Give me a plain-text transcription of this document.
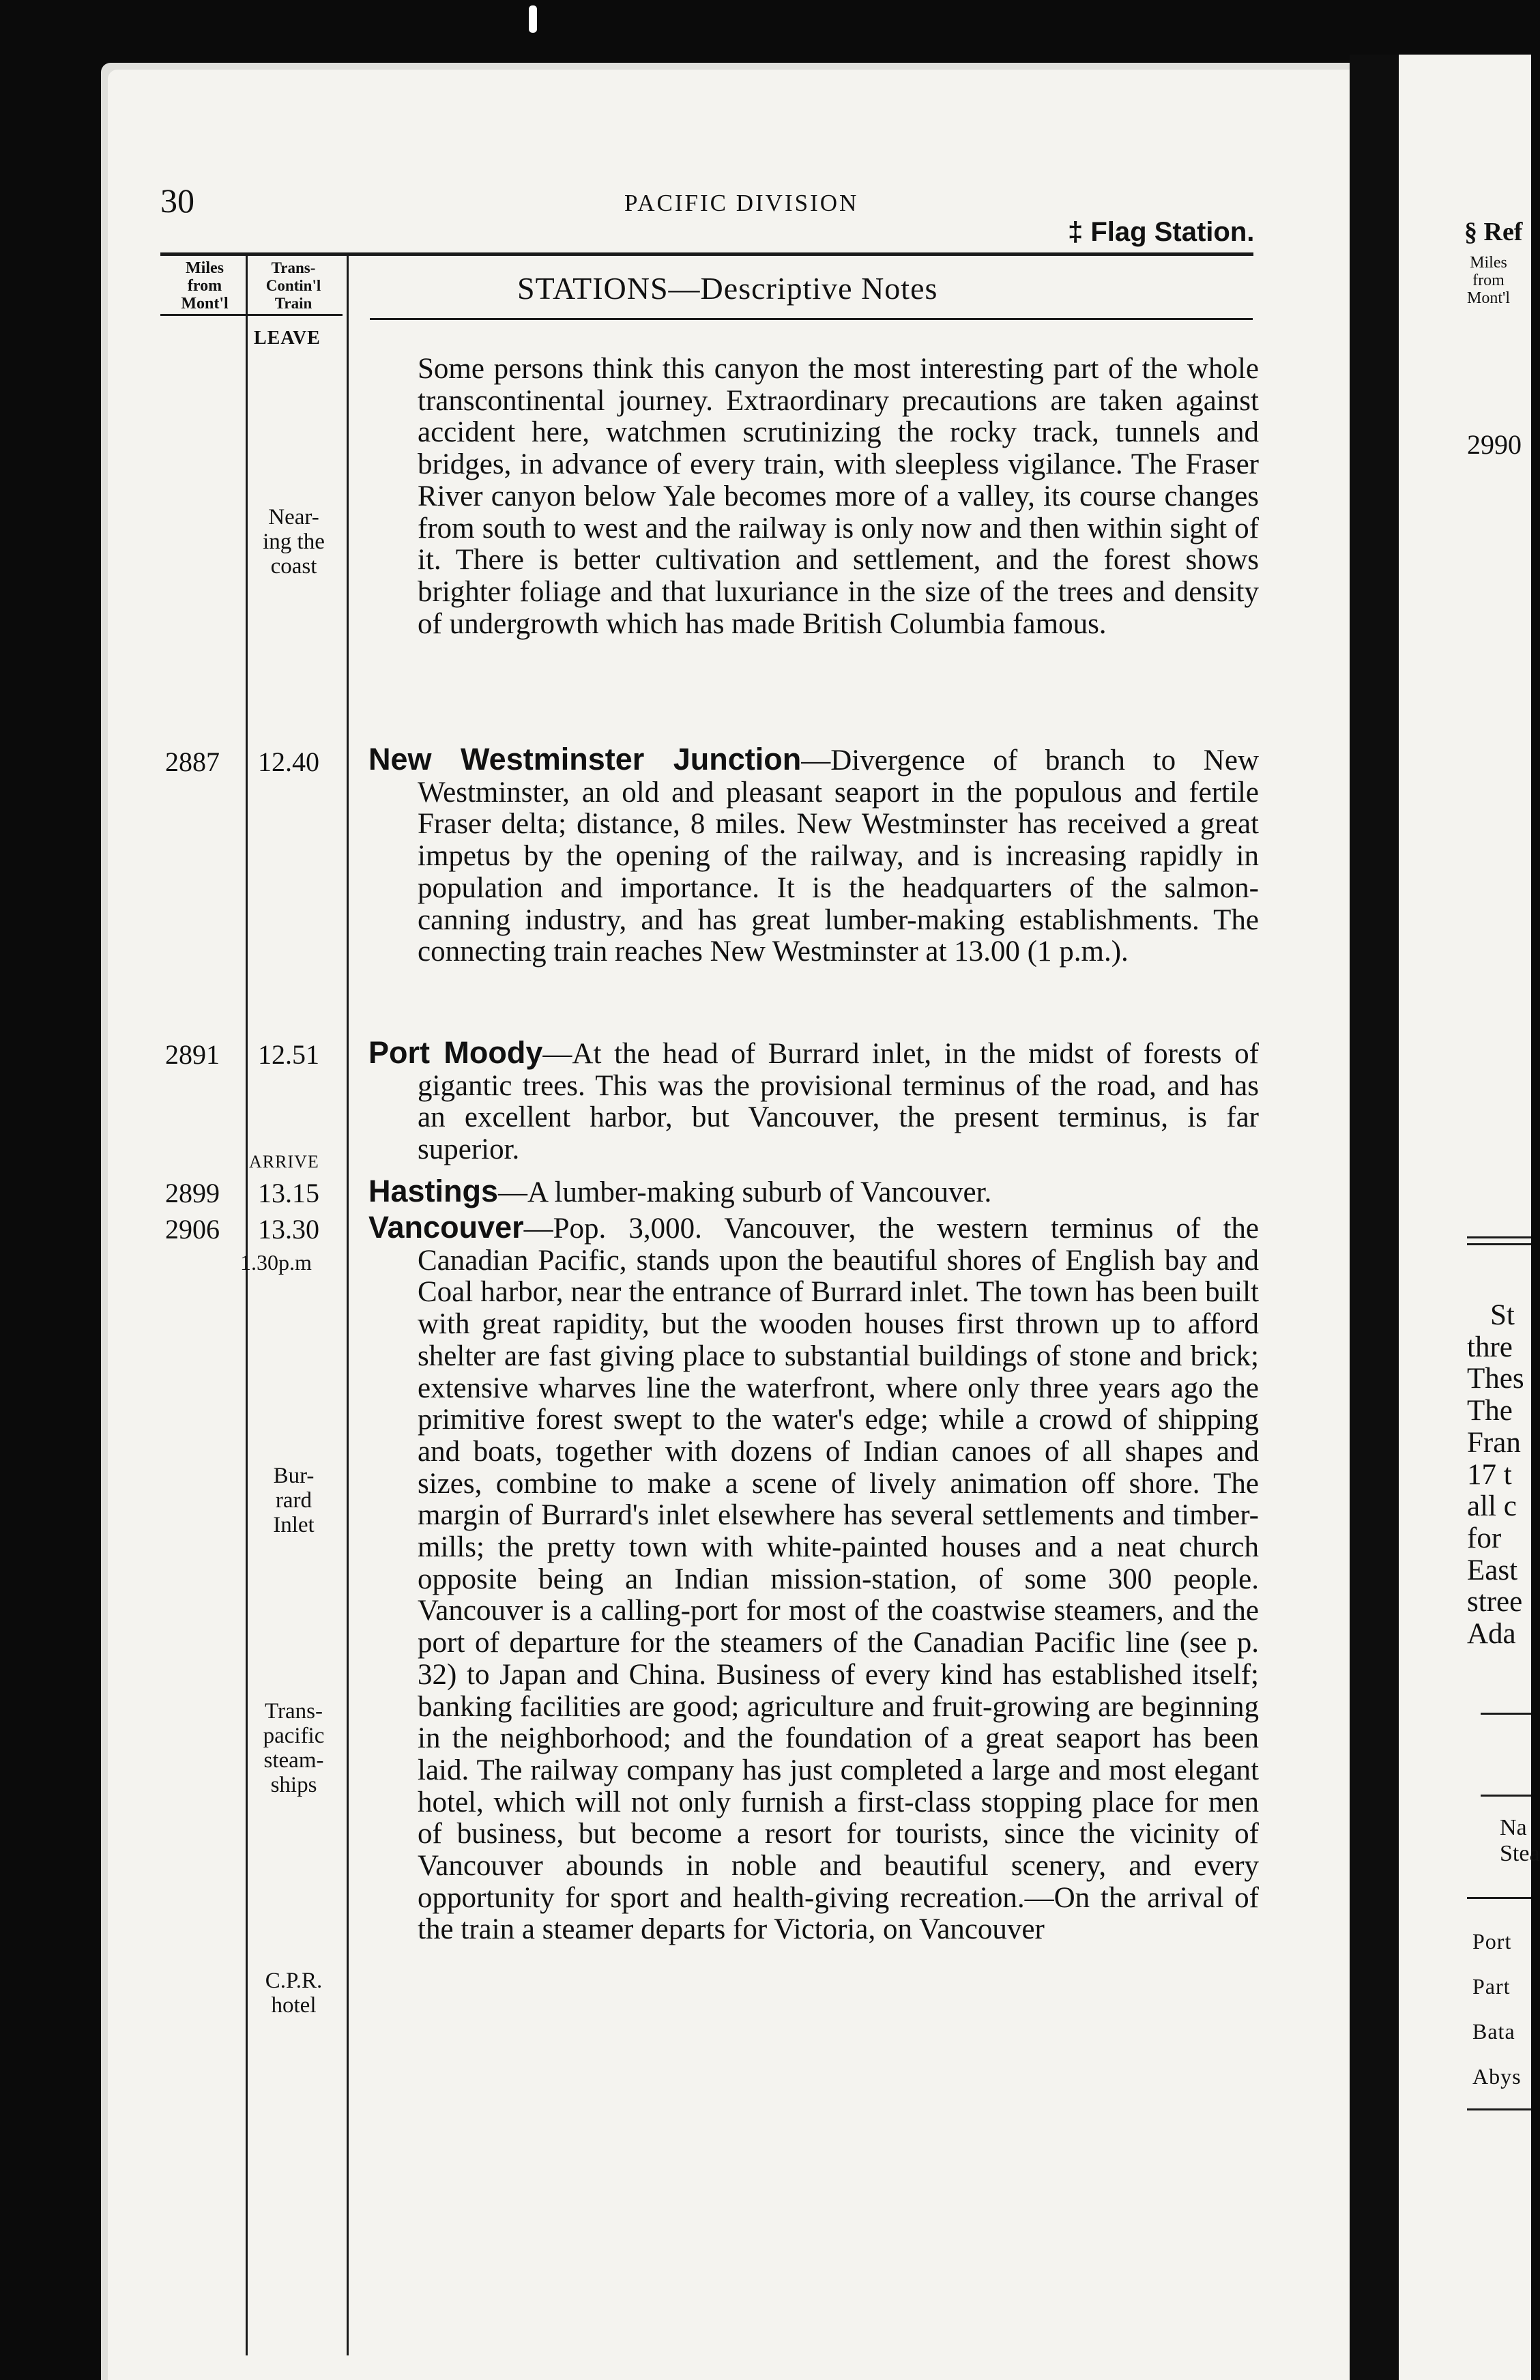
30	PACIFIC DIVISION
‡ Flag Station.
Miles
from
Mont'l
Trans-
Contin'l
Train	STATIONS—Descriptive Notes
LEAVE
ARRIVE
Near-
ing the
coast
Bur-
rard
Inlet
Trans-
pacific
steam-
ships
C.P.R.
hotel
2887 12.40
2891 12.51
2899 13.15
2906 13.30
1.30p.m

Some persons think this canyon the most interesting part of the whole transcontinental journey. Extraordinary precautions are taken against accident here, watchmen scrutinizing the rocky track, tunnels and bridges, in advance of every train, with sleepless vigilance. The Fraser River canyon below Yale becomes more of a valley, its course changes from south to west and the railway is only now and then within sight of it. There is better cultivation and settlement, and the forest shows brighter foliage and that luxuriance in the size of the trees and density of undergrowth which has made British Columbia famous.

New Westminster Junction—Divergence of branch to New Westminster, an old and pleasant seaport in the populous and fertile Fraser delta; distance, 8 miles. New Westminster has received a great impetus by the opening of the railway, and is increasing rapidly in population and importance. It is the headquarters of the salmon-canning industry, and has great lumber-making establishments. The connecting train reaches New Westminster at 13.00 (1 p.m.).

Port Moody—At the head of Burrard inlet, in the midst of forests of gigantic trees. This was the provisional terminus of the road, and has an excellent harbor, but Vancouver, the present terminus, is far superior.

Hastings—A lumber-making suburb of Vancouver.

Vancouver—Pop. 3,000. Vancouver, the western terminus of the Canadian Pacific, stands upon the beautiful shores of English bay and Coal harbor, near the entrance of Burrard inlet. The town has been built with great rapidity, but the wooden houses first thrown up to afford shelter are fast giving place to substantial buildings of stone and brick; extensive wharves line the waterfront, where only three years ago the primitive forest swept to the water's edge; while a crowd of shipping and boats, together with dozens of Indian canoes of all shapes and sizes, combine to make a scene of lively animation off shore. The margin of Burrard's inlet elsewhere has several settlements and timber-mills; the pretty town with white-painted houses and a neat church opposite being an Indian mission-station, of some 300 people. Vancouver is a calling-port for most of the coastwise steamers, and the port of departure for the steamers of the Canadian Pacific line (see p. 32) to Japan and China. Business of every kind has established itself; banking facilities are good; agriculture and fruit-growing are beginning in the neighborhood; and the foundation of a great seaport has been laid. The railway company has just completed a large and most elegant hotel, which will not only furnish a first-class stopping place for men of business, but become a resort for tourists, since the vicinity of Vancouver abounds in noble and beautiful scenery, and every opportunity for sport and health-giving recreation.—On the arrival of the train a steamer departs for Victoria, on Vancouver

§ Ref
Miles
from
Mont'l
2990
St
thre
Thes
The
Fran
17 t
all c
for
East
stree
Ada
Na
Stea
Port
Part
Bata
Abys
